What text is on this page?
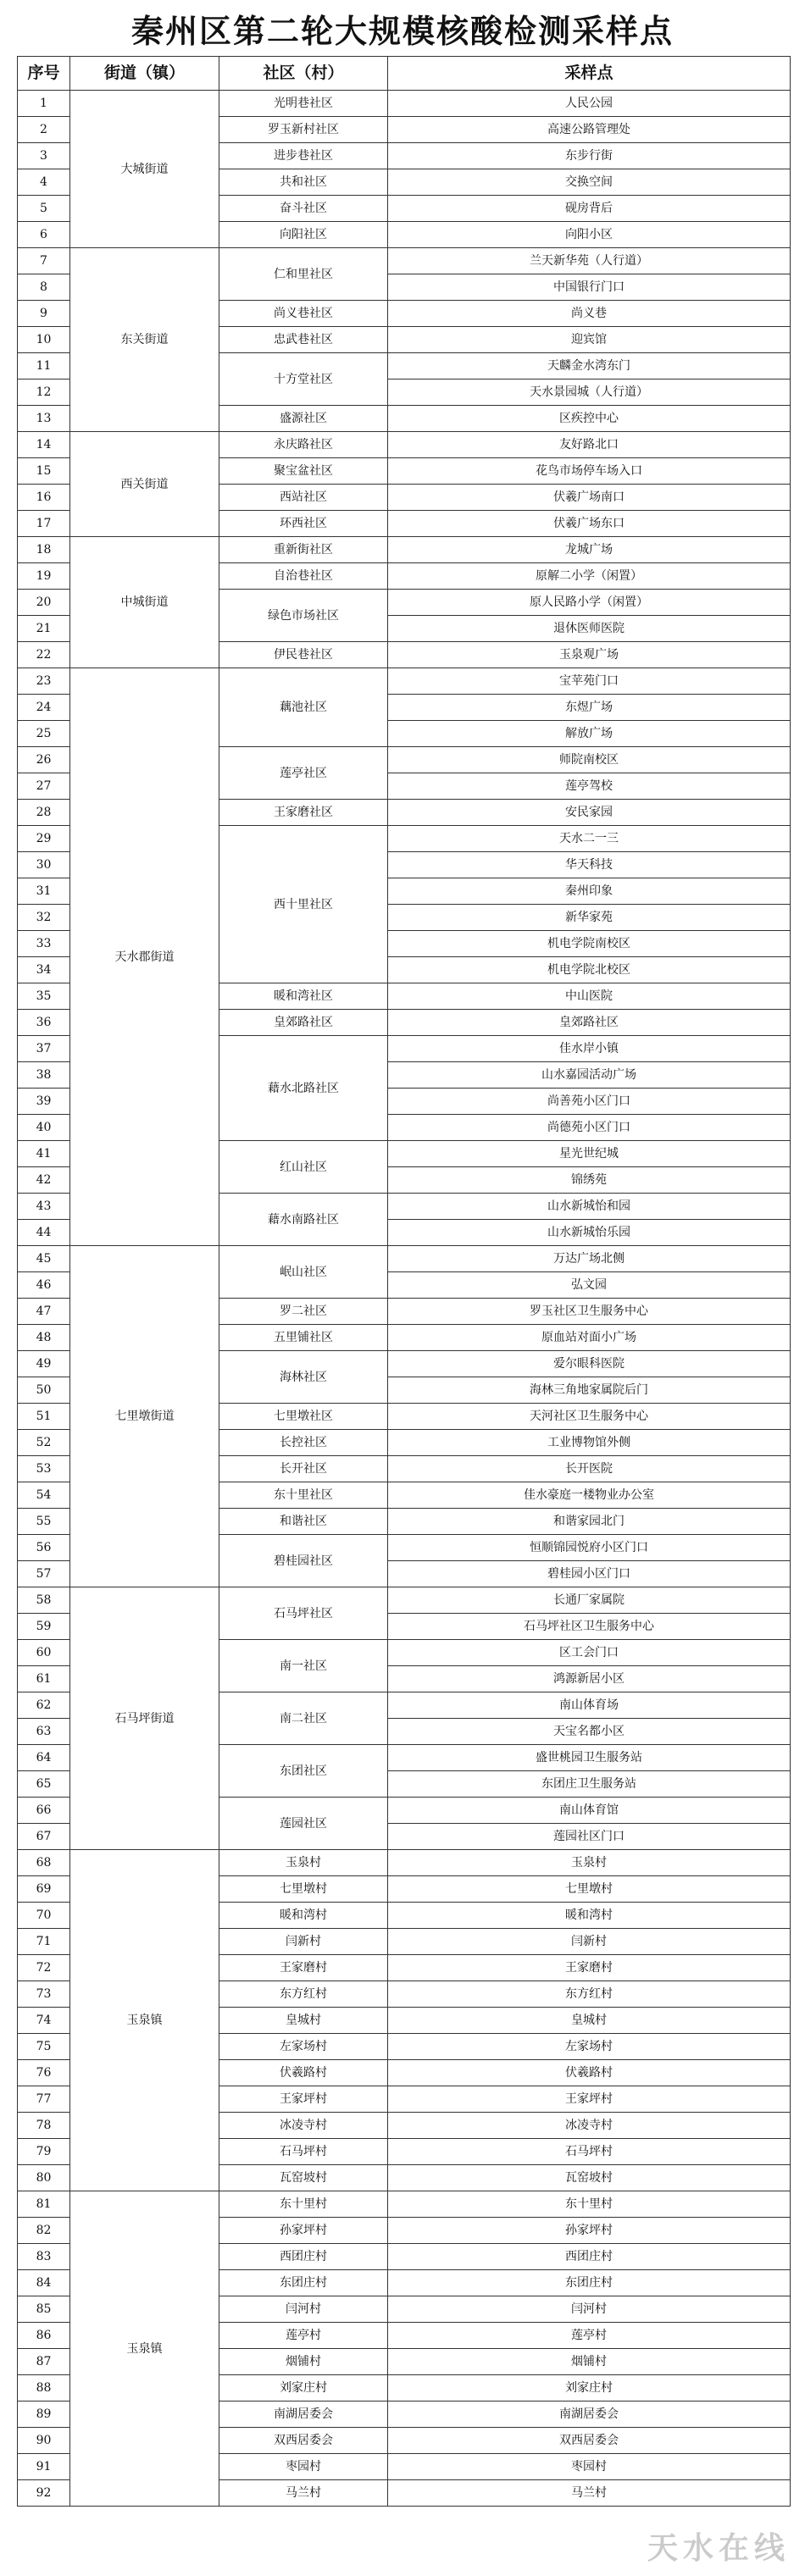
秦州区第二轮大规模核酸检测采样点
序号	街道（镇）	社区（村）	采样点
1	大城街道	光明巷社区	人民公园
2		罗玉新村社区	高速公路管理处
3		进步巷社区	东步行街
4		共和社区	交换空间
5		奋斗社区	砚房背后
6		向阳社区	向阳小区
7	东关街道	仁和里社区	兰天新华苑（人行道）
8			中国银行门口
9		尚义巷社区	尚义巷
10		忠武巷社区	迎宾馆
11		十方堂社区	天麟金水湾东门
12			天水景园城（人行道）
13		盛源社区	区疾控中心
14	西关街道	永庆路社区	友好路北口
15		聚宝盆社区	花鸟市场停车场入口
16		西站社区	伏羲广场南口
17		环西社区	伏羲广场东口
18	中城街道	重新街社区	龙城广场
19		自治巷社区	原解二小学（闲置）
20		绿色市场社区	原人民路小学（闲置）
21			退休医师医院
22		伊民巷社区	玉泉观广场
23	天水郡街道	藕池社区	宝苹苑门口
24			东煜广场
25			解放广场
26		莲亭社区	师院南校区
27			莲亭驾校
28		王家磨社区	安民家园
29		西十里社区	天水二一三
30			华天科技
31			秦州印象
32			新华家苑
33			机电学院南校区
34			机电学院北校区
35		暖和湾社区	中山医院
36		皇郊路社区	皇郊路社区
37		藉水北路社区	佳水岸小镇
38			山水嘉园活动广场
39			尚善苑小区门口
40			尚德苑小区门口
41		红山社区	星光世纪城
42			锦绣苑
43		藉水南路社区	山水新城怡和园
44			山水新城怡乐园
45	七里墩街道	岷山社区	万达广场北侧
46			弘文园
47		罗二社区	罗玉社区卫生服务中心
48		五里铺社区	原血站对面小广场
49		海林社区	爱尔眼科医院
50			海林三角地家属院后门
51		七里墩社区	天河社区卫生服务中心
52		长控社区	工业博物馆外侧
53		长开社区	长开医院
54		东十里社区	佳水豪庭一楼物业办公室
55		和谐社区	和谐家园北门
56		碧桂园社区	恒顺锦园悦府小区门口
57			碧桂园小区门口
58	石马坪街道	石马坪社区	长通厂家属院
59			石马坪社区卫生服务中心
60		南一社区	区工会门口
61			鸿源新居小区
62		南二社区	南山体育场
63			天宝名都小区
64		东团社区	盛世桃园卫生服务站
65			东团庄卫生服务站
66		莲园社区	南山体育馆
67			莲园社区门口
68	玉泉镇	玉泉村	玉泉村
69		七里墩村	七里墩村
70		暖和湾村	暖和湾村
71		闫新村	闫新村
72		王家磨村	王家磨村
73		东方红村	东方红村
74		皇城村	皇城村
75		左家场村	左家场村
76		伏羲路村	伏羲路村
77		王家坪村	王家坪村
78		冰凌寺村	冰凌寺村
79		石马坪村	石马坪村
80		瓦窑坡村	瓦窑坡村
81	玉泉镇	东十里村	东十里村
82		孙家坪村	孙家坪村
83		西团庄村	西团庄村
84		东团庄村	东团庄村
85		闫河村	闫河村
86		莲亭村	莲亭村
87		烟铺村	烟铺村
88		刘家庄村	刘家庄村
89		南湖居委会	南湖居委会
90		双西居委会	双西居委会
91		枣园村	枣园村
92		马兰村	马兰村
天水在线
